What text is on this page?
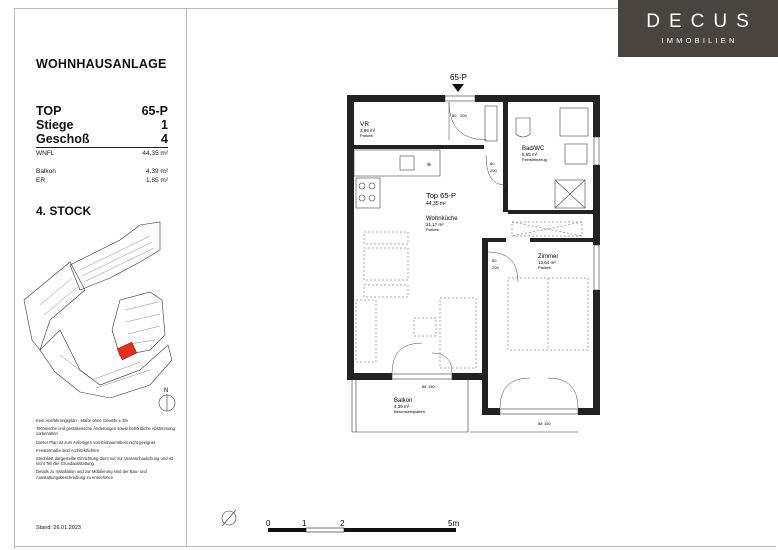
DECUS
IMMOBILIEN
WOHNHAUSANLAGE
TOP	65-P
Stiege	1
Geschoß	4
WNFL	44,35 m²
Balkon	4,39 m²
ER	1,85 m²
4. STOCK

Kein Ausführungsplan · Maße ohne Gewähr ± 3%

Technische und gestalterische Änderungen sowie behördliche Abstimmung vorbehalten

Dieser Plan ist zum Anfertigen von Einbaumöbeln nicht geeignet

Fenstermaße sind Architektlichten

Strichliert dargestellte Einrichtung dient nur zur Veranschaulichung und ist nicht Teil der Grundausstattung

Details zu Installation und zur Möblierung sind der Bau- und Ausstattungsbeschreibung zu entnehmen

Stand: 26.01.2023
N
65-P
80 200
VR
3,89 m²
Parkett
Bad/WC
5,65 m²
Feinsteinzeug
80
200
✳
Top 65-P
44,35 m²
Wohnküche
21,17 m²
Parkett
80
200
Zimmer
13,64 m²
Parkett
88 150
88 150
Balkon
4,39 m²
Betonsteinplatten
0	1	2	5m
